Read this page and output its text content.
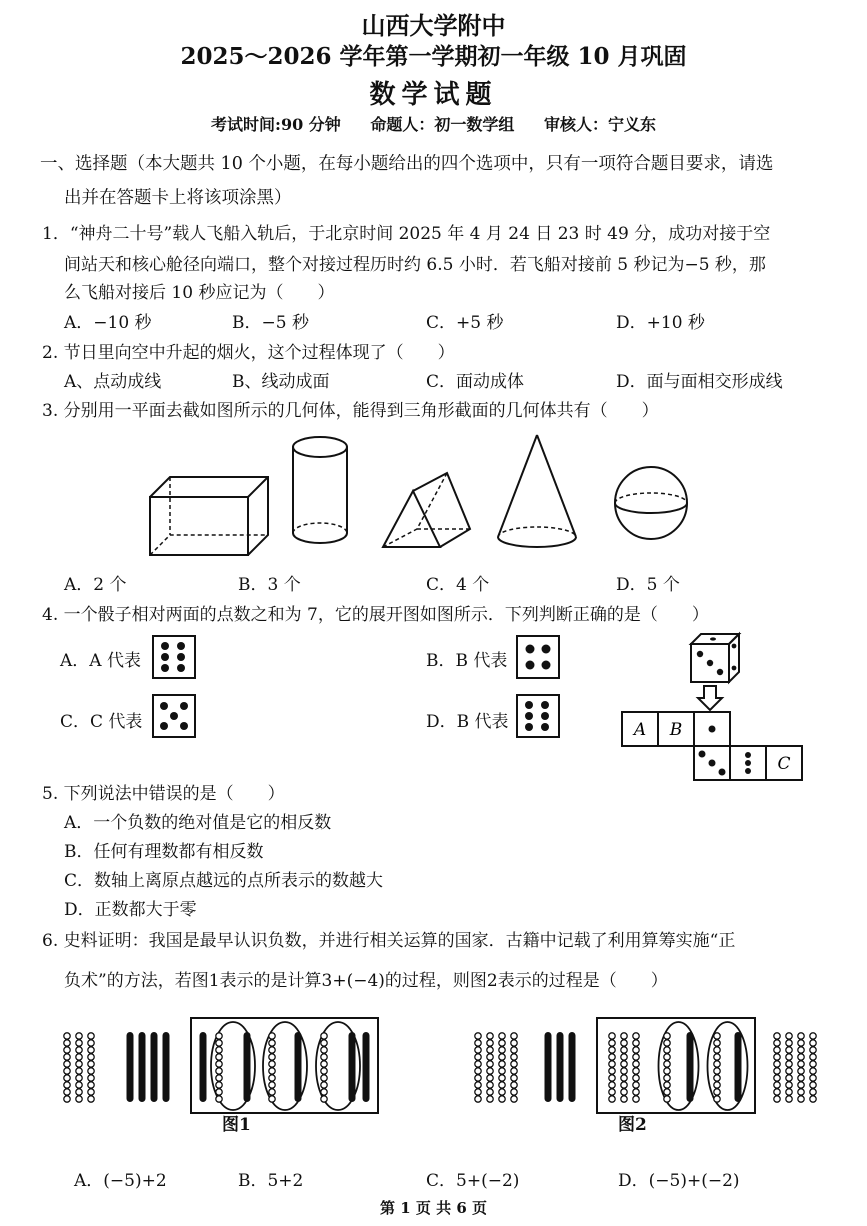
山西大学附中
2025～2026 学年第一学期初一年级 10 月巩固
数学试题
考试时间:90 分钟 命题人：初一数学组 审核人：宁义东
一、选择题（本大题共 10 个小题，在每小题给出的四个选项中，只有一项符合题目要求，请选
出并在答题卡上将该项涂黑）
1．“神舟二十号”载人飞船入轨后，于北京时间 2025 年 4 月 24 日 23 时 49 分，成功对接于空
间站天和核心舱径向端口，整个对接过程历时约 6.5 小时．若飞船对接前 5 秒记为−5 秒，那
么飞船对接后 10 秒应记为（　　）
A．−10 秒	B．−5 秒	C．+5 秒	D．+10 秒
2. 节日里向空中升起的烟火，这个过程体现了（　　）
A、点动成线	B、线动成面	C．面动成体	D．面与面相交形成线
3. 分别用一平面去截如图所示的几何体，能得到三角形截面的几何体共有（　　）
A．2 个	B．3 个	C．4 个	D．5 个
4. 一个骰子相对两面的点数之和为 7，它的展开图如图所示．下列判断正确的是（　　）
A．A 代表	B．B 代表
C．C 代表	D．B 代表	A B
C
5. 下列说法中错误的是（　　）
A．一个负数的绝对值是它的相反数
B．任何有理数都有相反数
C．数轴上离原点越远的点所表示的数越大
D．正数都大于零
6. 史料证明：我国是最早认识负数，并进行相关运算的国家．古籍中记载了利用算筹实施“正
负术”的方法，若图1表示的是计算3+(−4)的过程，则图2表示的过程是（　　）
图1	图2
A．(−5)+2	B．5+2	C．5+(−2)	D．(−5)+(−2)
第 1 页 共 6 页
